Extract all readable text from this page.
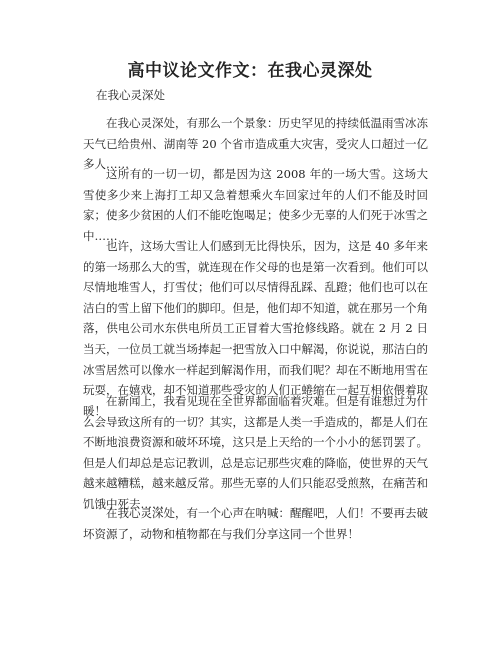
高中议论文作文：在我心灵深处
在我心灵深处

在我心灵深处，有那么一个景象：历史罕见的持续低温雨雪冰冻天气已给贵州、湖南等 20 个省市造成重大灾害，受灾人口超过一亿多人……

这所有的一切一切，都是因为这 2008 年的一场大雪。这场大雪使多少来上海打工却又急着想乘火车回家过年的人们不能及时回家；使多少贫困的人们不能吃饱喝足；使多少无辜的人们死于冰雪之中……

也许，这场大雪让人们感到无比得快乐，因为，这是 40 多年来的第一场那么大的雪，就连现在作父母的也是第一次看到。他们可以尽情地堆雪人，打雪仗；他们可以尽情得乱踩、乱蹬；他们也可以在洁白的雪上留下他们的脚印。但是，他们却不知道，就在那另一个角落，供电公司水东供电所员工正冒着大雪抢修线路。就在 2 月 2 日当天，一位员工就当场捧起一把雪放入口中解渴，你说说，那洁白的冰雪居然可以像水一样起到解渴作用，而我们呢？却在不断地用雪在玩耍，在嬉戏，却不知道那些受灾的人们正蜷缩在一起互相依偎着取暖！

在新闻上，我看见现在全世界都面临着灾难。但是有谁想过为什么会导致这所有的一切？其实，这都是人类一手造成的，都是人们在不断地浪费资源和破坏环境，这只是上天给的一个小小的惩罚罢了。但是人们却总是忘记教训，总是忘记那些灾难的降临，使世界的天气越来越糟糕，越来越反常。那些无辜的人们只能忍受煎熬，在痛苦和饥饿中死去……

在我心灵深处，有一个心声在呐喊：醒醒吧，人们！不要再去破坏资源了，动物和植物都在与我们分享这同一个世界！
